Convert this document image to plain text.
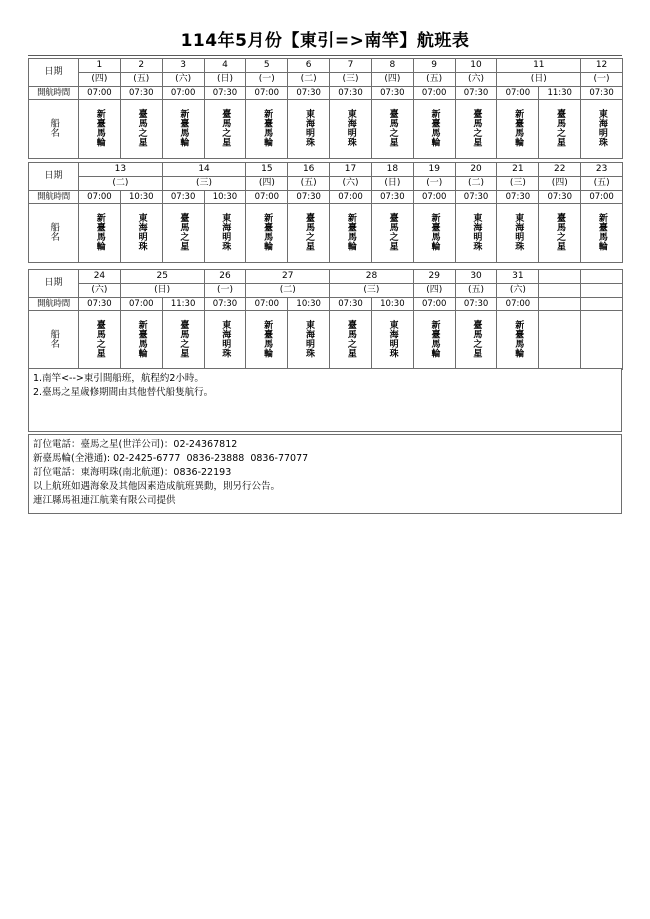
114年5月份【東引=>南竿】航班表
日期	1	2	3	4	5	6	7	8	9	10	11		12
	(四)	(五)	(六)	(日)	(一)	(二)	(三)	(四)	(五)	(六)	(日)		(一)
開航時間	07:00	07:30	07:00	07:30	07:00	07:30	07:30	07:30	07:00	07:30	07:00	11:30	07:30
船名	新臺馬輪	臺馬之星	新臺馬輪	臺馬之星	新臺馬輪	東海明珠	東海明珠	臺馬之星	新臺馬輪	臺馬之星	新臺馬輪	臺馬之星	東海明珠
日期	13		14		15	16	17	18	19	20	21	22	23
	(二)		(三)		(四)	(五)	(六)	(日)	(一)	(二)	(三)	(四)	(五)
開航時間	07:00	10:30	07:30	10:30	07:00	07:30	07:00	07:30	07:00	07:30	07:30	07:30	07:00
船名	新臺馬輪	東海明珠	臺馬之星	東海明珠	新臺馬輪	臺馬之星	新臺馬輪	臺馬之星	新臺馬輪	東海明珠	東海明珠	臺馬之星	新臺馬輪
日期	24	25		26	27		28		29	30	31		
	(六)	(日)		(一)	(二)		(三)		(四)	(五)	(六)		
開航時間	07:30	07:00	11:30	07:30	07:00	10:30	07:30	10:30	07:00	07:30	07:00		
船名	臺馬之星	新臺馬輪	臺馬之星	東海明珠	新臺馬輪	東海明珠	臺馬之星	東海明珠	新臺馬輪	臺馬之星	新臺馬輪		

1.南竿<-->東引間船班，航程約2小時。

2.臺馬之星歲修期間由其他替代船隻航行。

訂位電話：臺馬之星(世洋公司)：02-24367812

新臺馬輪(全港通): 02-2425-6777  0836-23888  0836-77077

訂位電話：東海明珠(南北航運)：0836-22193

以上航班如遇海象及其他因素造成航班異動，則另行公告。

連江縣馬祖連江航業有限公司提供
